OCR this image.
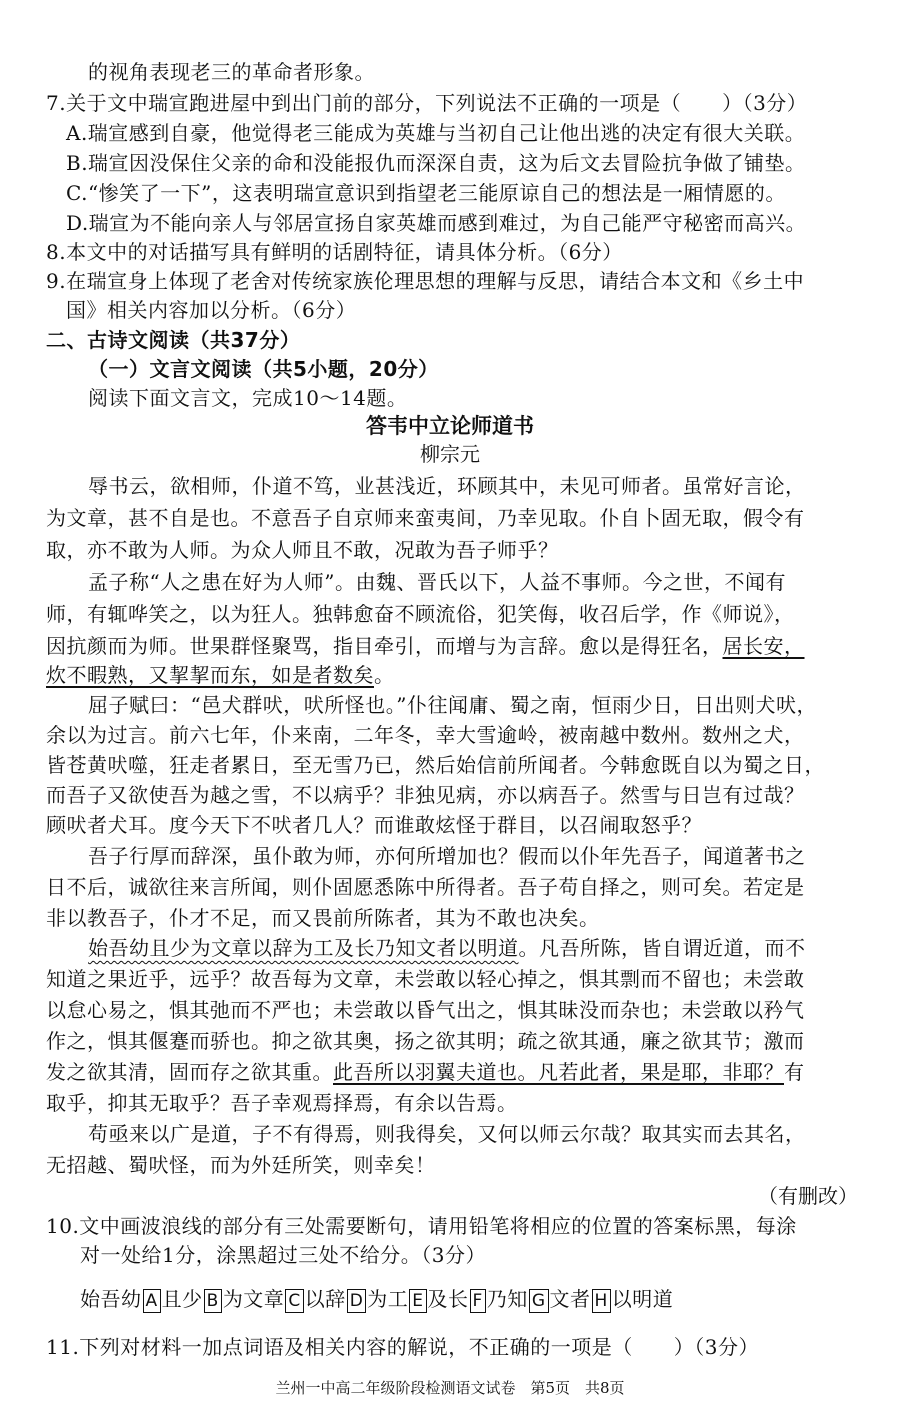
的视角表现老三的革命者形象。
7.关于文中瑞宣跑进屋中到出门前的部分，下列说法不正确的一项是（　　）（3分）
A.瑞宣感到自豪，他觉得老三能成为英雄与当初自己让他出逃的决定有很大关联。
B.瑞宣因没保住父亲的命和没能报仇而深深自责，这为后文去冒险抗争做了铺垫。
C.“惨笑了一下”，这表明瑞宣意识到指望老三能原谅自己的想法是一厢情愿的。
D.瑞宣为不能向亲人与邻居宣扬自家英雄而感到难过，为自己能严守秘密而高兴。
8.本文中的对话描写具有鲜明的话剧特征，请具体分析。（6分）
9.在瑞宣身上体现了老舍对传统家族伦理思想的理解与反思，请结合本文和《乡土中
国》相关内容加以分析。（6分）
二、古诗文阅读（共37分）
（一）文言文阅读（共5小题，20分）
阅读下面文言文，完成10～14题。
答韦中立论师道书
柳宗元
辱书云，欲相师，仆道不笃，业甚浅近，环顾其中，未见可师者。虽常好言论，
为文章，甚不自是也。不意吾子自京师来蛮夷间，乃幸见取。仆自卜固无取，假令有
取，亦不敢为人师。为众人师且不敢，况敢为吾子师乎？
孟子称“人之患在好为人师”。由魏、晋氏以下，人益不事师。今之世，不闻有
师，有辄哗笑之，以为狂人。独韩愈奋不顾流俗，犯笑侮，收召后学，作《师说》，
因抗颜而为师。世果群怪聚骂，指目牵引，而增与为言辞。愈以是得狂名，居长安，
炊不暇熟，又挈挈而东，如是者数矣。
屈子赋曰：“邑犬群吠，吠所怪也。”仆往闻庸、蜀之南，恒雨少日，日出则犬吠，
余以为过言。前六七年，仆来南，二年冬，幸大雪逾岭，被南越中数州。数州之犬，
皆苍黄吠噬，狂走者累日，至无雪乃已，然后始信前所闻者。今韩愈既自以为蜀之日，
而吾子又欲使吾为越之雪，不以病乎？非独见病，亦以病吾子。然雪与日岂有过哉？
顾吠者犬耳。度今天下不吠者几人？而谁敢炫怪于群目，以召闹取怒乎？
吾子行厚而辞深，虽仆敢为师，亦何所增加也？假而以仆年先吾子，闻道著书之
日不后，诚欲往来言所闻，则仆固愿悉陈中所得者。吾子苟自择之，则可矣。若定是
非以教吾子，仆才不足，而又畏前所陈者，其为不敢也决矣。
始吾幼且少为文章以辞为工及长乃知文者以明道。凡吾所陈，皆自谓近道，而不
知道之果近乎，远乎？故吾每为文章，未尝敢以轻心掉之，惧其剽而不留也；未尝敢
以怠心易之，惧其弛而不严也；未尝敢以昏气出之，惧其昧没而杂也；未尝敢以矜气
作之，惧其偃蹇而骄也。抑之欲其奥，扬之欲其明；疏之欲其通，廉之欲其节；激而
发之欲其清，固而存之欲其重。此吾所以羽翼夫道也。凡若此者，果是耶，非耶？有
取乎，抑其无取乎？吾子幸观焉择焉，有余以告焉。
苟亟来以广是道，子不有得焉，则我得矣，又何以师云尔哉？取其实而去其名，
无招越、蜀吠怪，而为外廷所笑，则幸矣！
（有删改）
10.文中画波浪线的部分有三处需要断句，请用铅笔将相应的位置的答案标黑，每涂
对一处给1分，涂黑超过三处不给分。（3分）
始吾幼 A 且少 B 为文章 C 以辞 D 为工 E 及长 F 乃知 G 文者 H 以明道
11.下列对材料一加点词语及相关内容的解说，不正确的一项是（　　）（3分）
兰州一中高二年级阶段检测语文试卷　第5页　共8页
